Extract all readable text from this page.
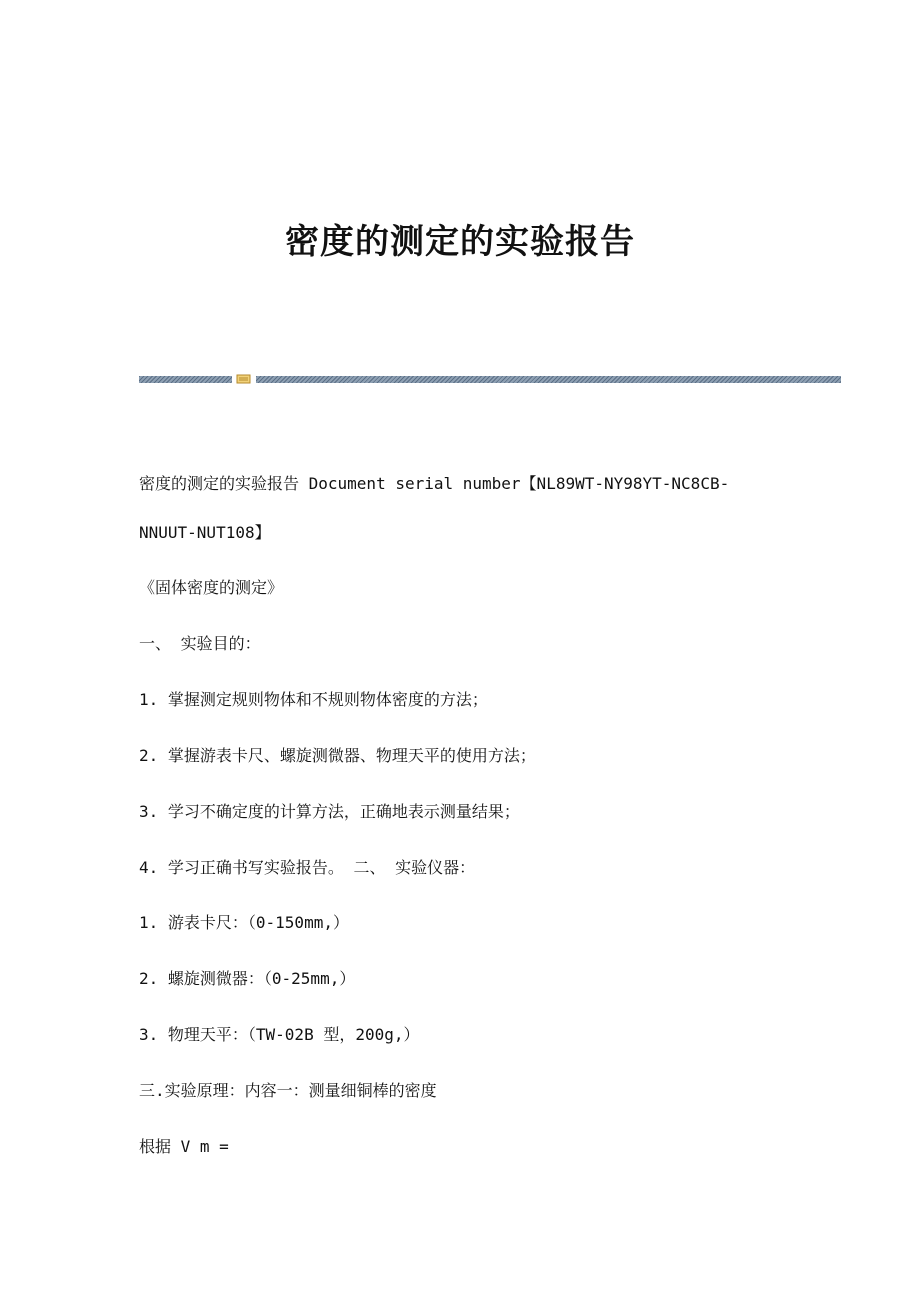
密度的测定的实验报告
密度的测定的实验报告 Document serial number【NL89WT-NY98YT-NC8CB-
NNUUT-NUT108】
《固体密度的测定》
一、 实验目的：
1. 掌握测定规则物体和不规则物体密度的方法；
2. 掌握游表卡尺、螺旋测微器、物理天平的使用方法；
3. 学习不确定度的计算方法，正确地表示测量结果；
4. 学习正确书写实验报告。 二、 实验仪器：
1. 游表卡尺：（0-150mm,）
2. 螺旋测微器：（0-25mm,）
3. 物理天平：（TW-02B 型，200g,）
三.实验原理：内容一：测量细铜棒的密度
根据 V m =
